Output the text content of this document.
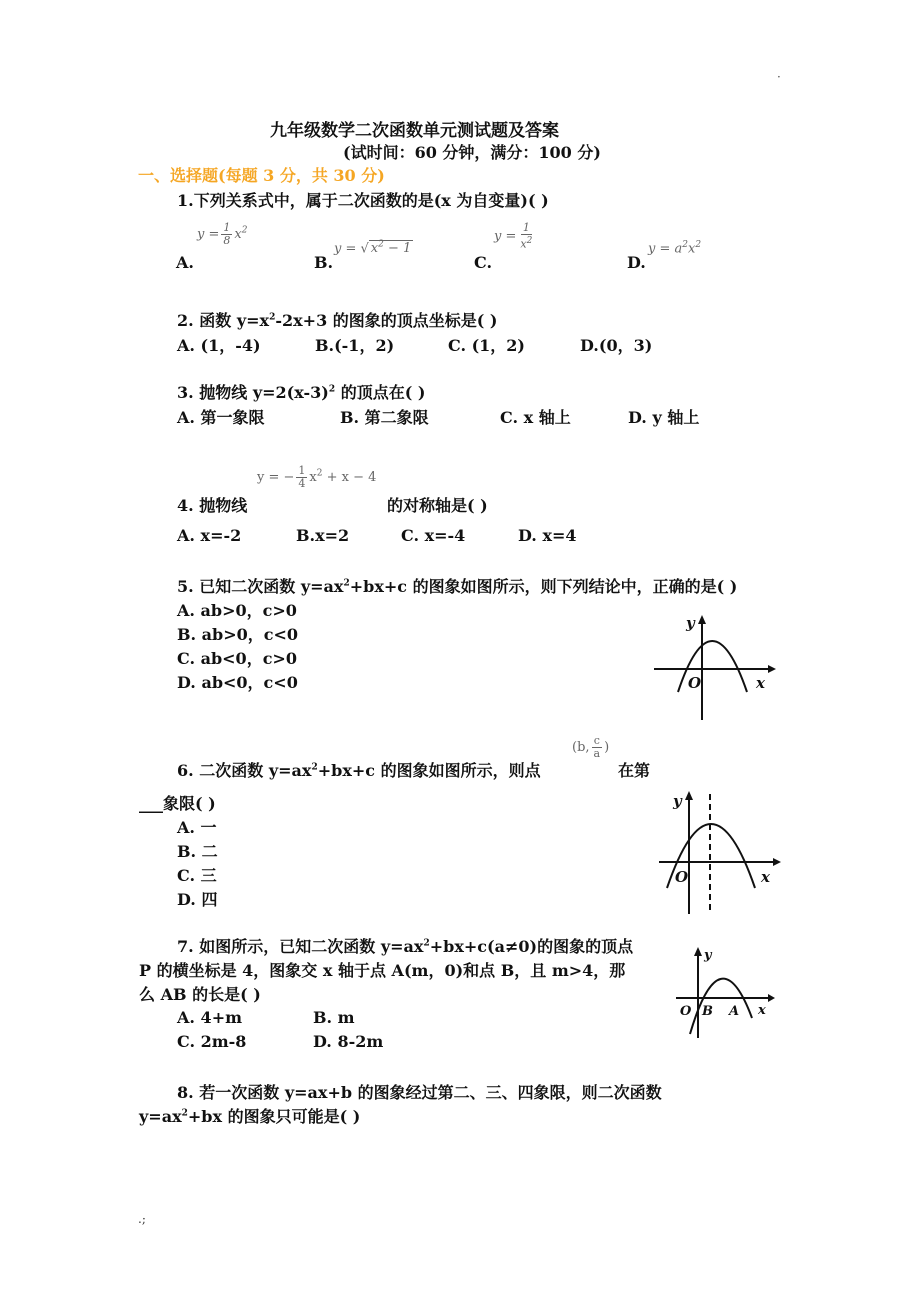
·
九年级数学二次函数单元测试题及答案
(试时间：60 分钟，满分：100 分)
一、选择题(每题 3 分，共 30 分)
1.下列关系式中，属于二次函数的是(x 为自变量)( )
A.
$y = \frac{1}{8} x^2$
B.
y = √ $x^2 - 1$
C.
$y = \frac{1}{x^2}$
D.
$y = a^2x^2$
2. 函数 $y=x^2-2x+3$ 的图象的顶点坐标是( )
A. (1，-4)	B.(-1，2)	C. (1，2)	D.(0，3)
3. 抛物线 $y=2(x-3)^2$ 的顶点在( )
A. 第一象限	B. 第二象限	C. x 轴上	D. y 轴上
4. 抛物线
y = − $\frac{1}{4} x^2 + x - 4$
的对称轴是( )
A. x=-2	B.x=2	C. x=-4	D. x=4
5. 已知二次函数 $y=ax^2+bx+c$ 的图象如图所示，则下列结论中，正确的是( )
A. ab>0，c>0
B. ab>0，c<0
C. ab<0，c>0
D. ab<0，c<0
y
x
O
6. 二次函数 $y=ax^2+bx+c$ 的图象如图所示，则点
(b, $\frac{c}{a}$ )
在第
___象限( )
A. 一
B. 二
C. 三
D. 四
y
x
O
7. 如图所示，已知二次函数 $y=ax^2+bx+c(a\ne 0)$的图象的顶点
P 的横坐标是 4，图象交 x 轴于点 A(m，0)和点 B，且 m>4，那
么 AB 的长是( )
A. 4+m	B. m
C. 2m-8	D. 8-2m
y
x
O B A
8. 若一次函数 y=ax+b 的图象经过第二、三、四象限，则二次函数
$y=ax^2+bx$ 的图象只可能是( )
.;
